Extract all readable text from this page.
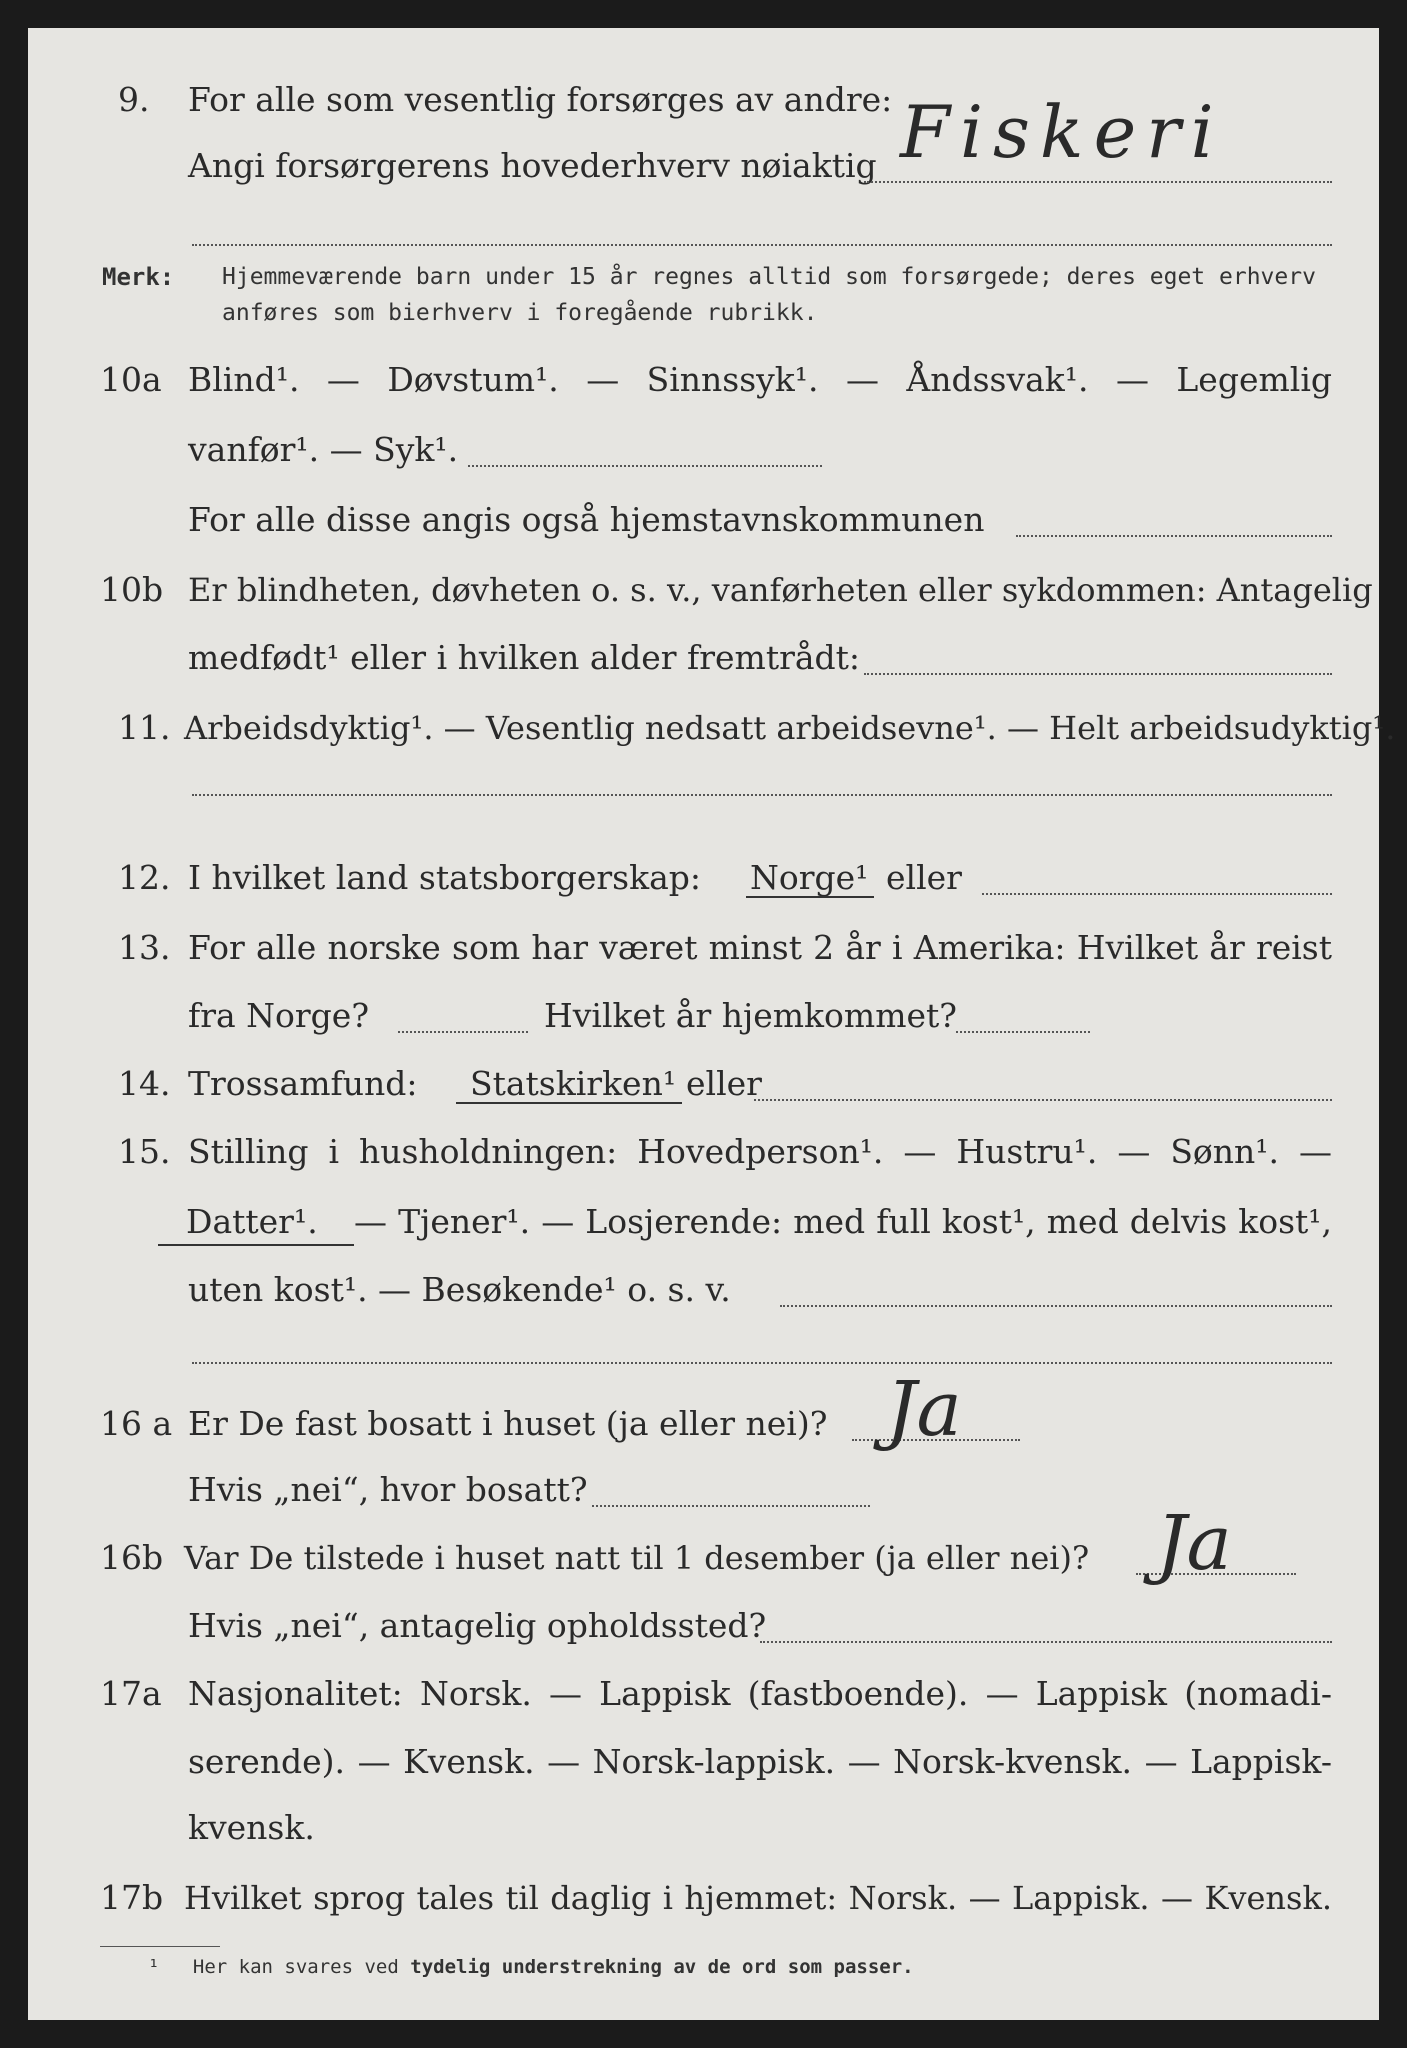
9. For alle som vesentlig forsørges av andre:
Angi forsørgerens hovederhverv nøiaktig Fiskeri
Merk: Hjemmeværende barn under 15 år regnes alltid som forsørgede; deres eget erhverv
anføres som bierhverv i foregående rubrikk.
10a Blind¹. — Døvstum¹. — Sinnssyk¹. — Åndssvak¹. — Legemlig
vanfør¹. — Syk¹.
For alle disse angis også hjemstavnskommunen
10b Er blindheten, døvheten o. s. v., vanførheten eller sykdommen: Antagelig
medfødt¹ eller i hvilken alder fremtrådt:
11. Arbeidsdyktig¹. — Vesentlig nedsatt arbeidsevne¹. — Helt arbeidsudyktig¹.
12. I hvilket land statsborgerskap: Norge¹ eller
13. For alle norske som har været minst 2 år i Amerika: Hvilket år reist
fra Norge?	Hvilket år hjemkommet?
14. Trossamfund: Statskirken¹ eller
15. Stilling i husholdningen: Hovedperson¹. — Hustru¹. — Sønn¹. —
Datter¹. — Tjener¹. — Losjerende: med full kost¹, med delvis kost¹,
uten kost¹. — Besøkende¹ o. s. v.
16 a Er De fast bosatt i huset (ja eller nei)? Ja
Hvis „nei“, hvor bosatt?
16b Var De tilstede i huset natt til 1 desember (ja eller nei)? Ja
Hvis „nei“, antagelig opholdssted?
17a Nasjonalitet: Norsk. — Lappisk (fastboende). — Lappisk (nomadi-
serende). — Kvensk. — Norsk-lappisk. — Norsk-kvensk. — Lappisk-
kvensk.
17b Hvilket sprog tales til daglig i hjemmet: Norsk. — Lappisk. — Kvensk.
¹ Her kan svares ved tydelig understrekning av de ord som passer.
